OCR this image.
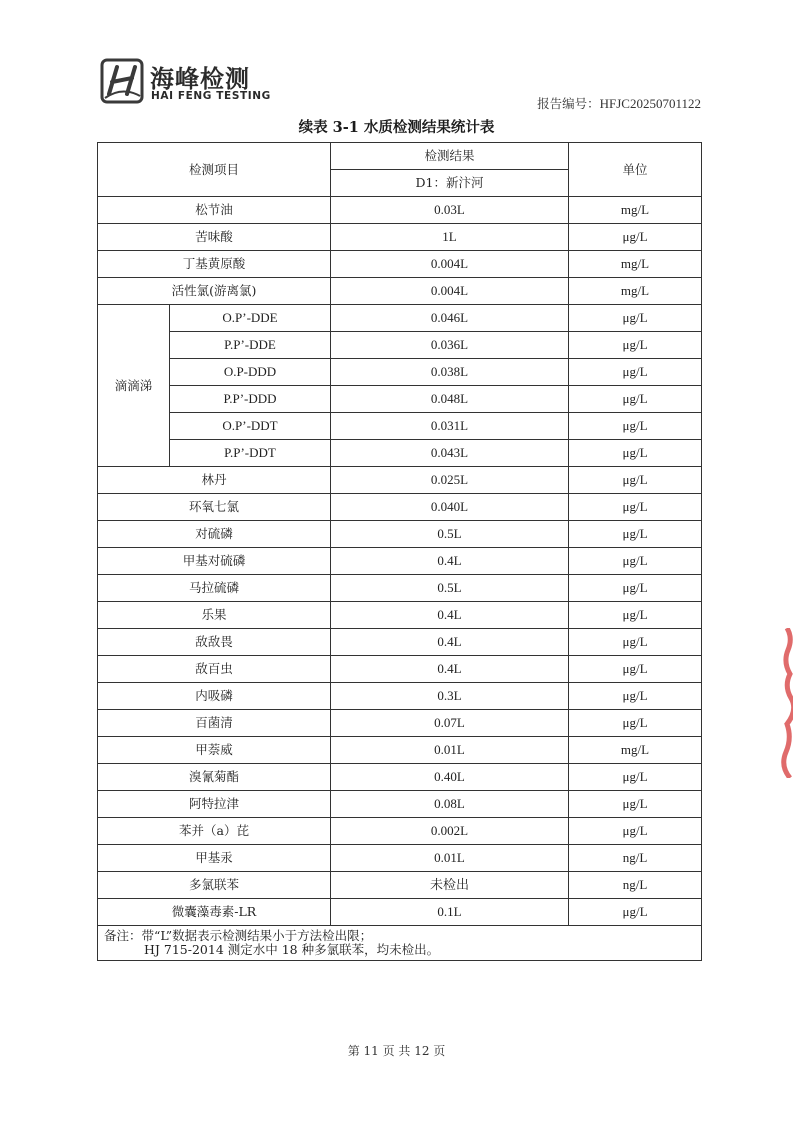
海峰检测
HAI FENG TESTING	报告编号：HFJC20250701122
续表 3-1 水质检测结果统计表
检测项目		检测结果	单位
		D1：新汴河	
松节油		0.03L	mg/L
苦味酸		1L	μg/L
丁基黄原酸		0.004L	mg/L
活性氯(游离氯)		0.004L	mg/L
滴滴涕	O.P’-DDE	0.046L	μg/L
	P.P’-DDE	0.036L	μg/L
	O.P-DDD	0.038L	μg/L
	P.P’-DDD	0.048L	μg/L
	O.P’-DDT	0.031L	μg/L
	P.P’-DDT	0.043L	μg/L
林丹		0.025L	μg/L
环氧七氯		0.040L	μg/L
对硫磷		0.5L	μg/L
甲基对硫磷		0.4L	μg/L
马拉硫磷		0.5L	μg/L
乐果		0.4L	μg/L
敌敌畏		0.4L	μg/L
敌百虫		0.4L	μg/L
内吸磷		0.3L	μg/L
百菌清		0.07L	μg/L
甲萘威		0.01L	mg/L
溴氰菊酯		0.40L	μg/L
阿特拉津		0.08L	μg/L
苯并（a）芘		0.002L	μg/L
甲基汞		0.01L	ng/L
多氯联苯		未检出	ng/L
微囊藻毒素-LR		0.1L	μg/L

备注：带“L”数据表示检测结果小于方法检出限；
HJ 715-2014 测定水中 18 种多氯联苯，均未检出。			
第 11 页 共 12 页
